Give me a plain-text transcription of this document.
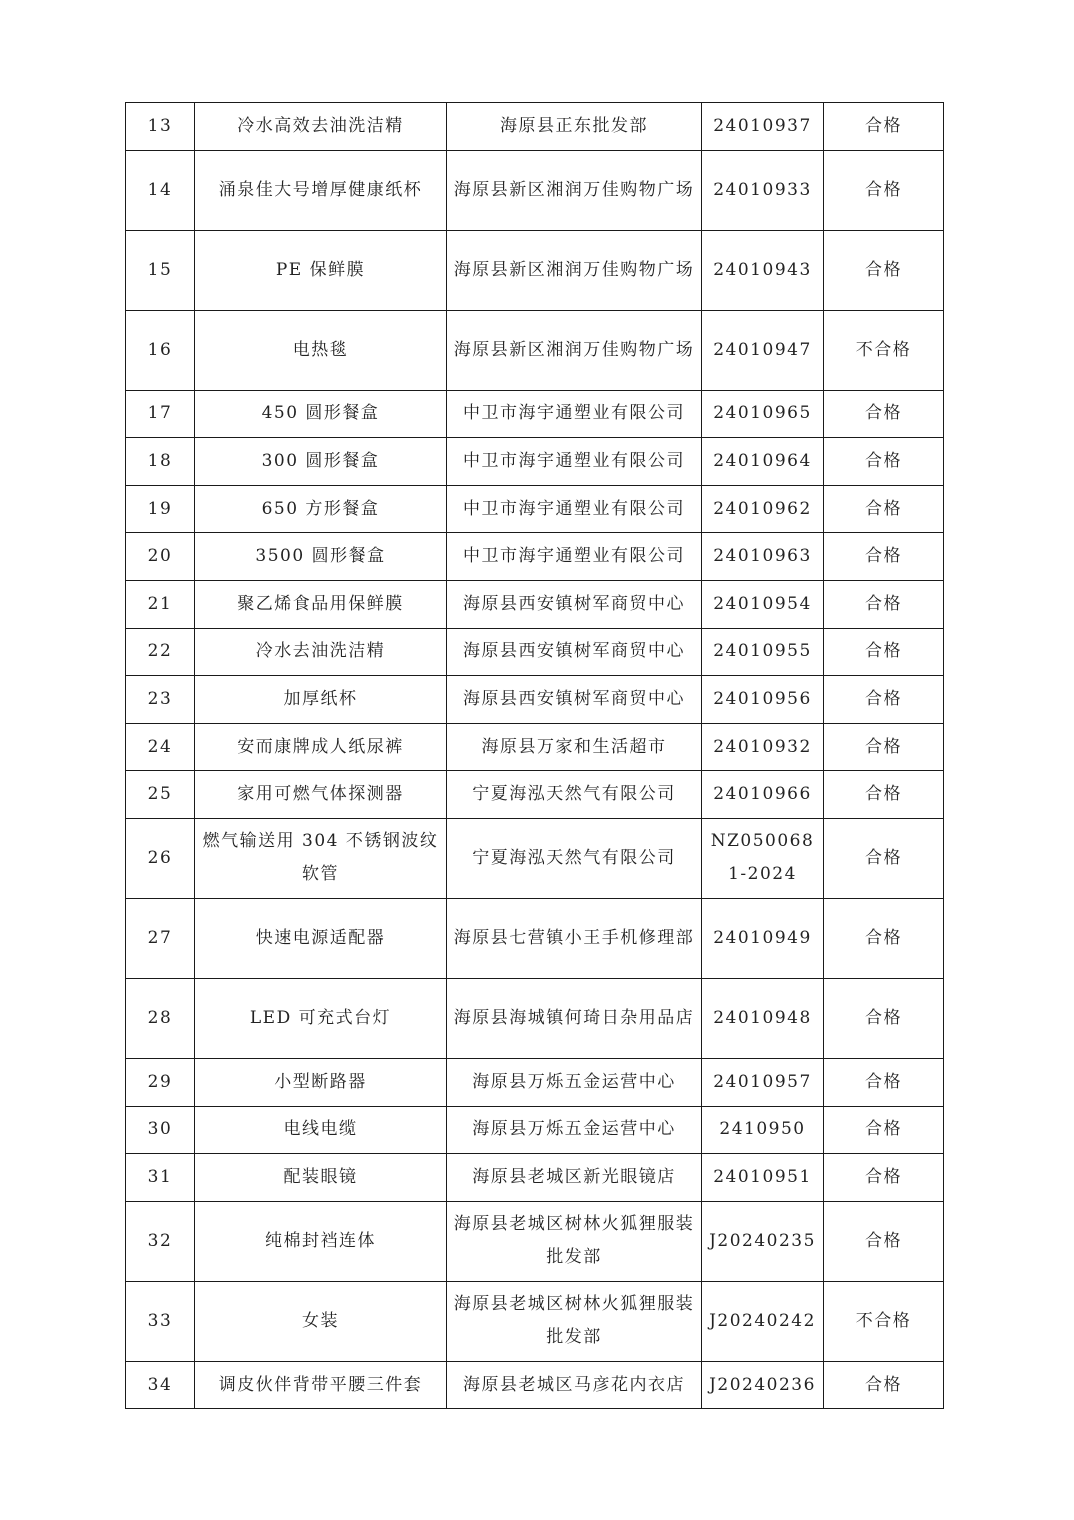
13	冷水高效去油洗洁精	海原县正东批发部	24010937	合格
14	涌泉佳大号增厚健康纸杯	海原县新区湘润万佳购物广场	24010933	合格
15	PE 保鲜膜	海原县新区湘润万佳购物广场	24010943	合格
16	电热毯	海原县新区湘润万佳购物广场	24010947	不合格
17	450 圆形餐盒	中卫市海宇通塑业有限公司	24010965	合格
18	300 圆形餐盒	中卫市海宇通塑业有限公司	24010964	合格
19	650 方形餐盒	中卫市海宇通塑业有限公司	24010962	合格
20	3500 圆形餐盒	中卫市海宇通塑业有限公司	24010963	合格
21	聚乙烯食品用保鲜膜	海原县西安镇树军商贸中心	24010954	合格
22	冷水去油洗洁精	海原县西安镇树军商贸中心	24010955	合格
23	加厚纸杯	海原县西安镇树军商贸中心	24010956	合格
24	安而康牌成人纸尿裤	海原县万家和生活超市	24010932	合格
25	家用可燃气体探测器	宁夏海泓天然气有限公司	24010966	合格
26	燃气输送用 304 不锈钢波纹软管	宁夏海泓天然气有限公司	NZ0500681-2024	合格
27	快速电源适配器	海原县七营镇小王手机修理部	24010949	合格
28	LED 可充式台灯	海原县海城镇何琦日杂用品店	24010948	合格
29	小型断路器	海原县万烁五金运营中心	24010957	合格
30	电线电缆	海原县万烁五金运营中心	2410950	合格
31	配装眼镜	海原县老城区新光眼镜店	24010951	合格
32	纯棉封裆连体	海原县老城区树林火狐狸服装批发部	J20240235	合格
33	女装	海原县老城区树林火狐狸服装批发部	J20240242	不合格
34	调皮伙伴背带平腰三件套	海原县老城区马彦花内衣店	J20240236	合格
